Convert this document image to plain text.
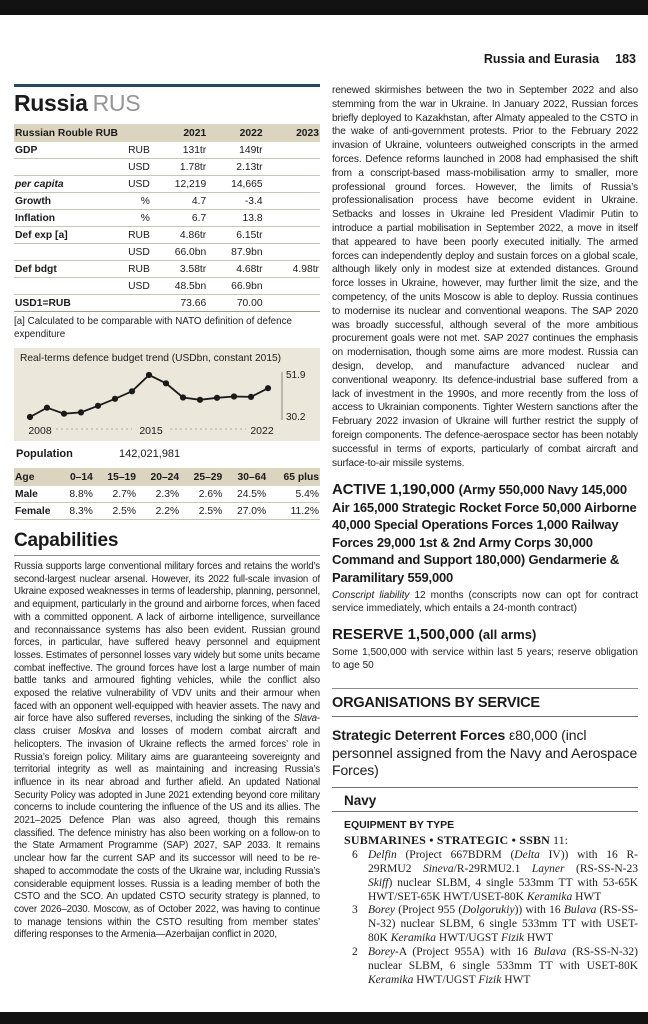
Russia and Eurasia 183
Russia RUS
Russian Rouble RUB		2021	2022	2023
GDP	RUB	131tr	149tr	
	USD	1.78tr	2.13tr	
per capita	USD	12,219	14,665	
Growth	%	4.7	-3.4	
Inflation	%	6.7	13.8	
Def exp [a]	RUB	4.86tr	6.15tr	
	USD	66.0bn	87.9bn	
Def bdgt	RUB	3.58tr	4.68tr	4.98tr
	USD	48.5bn	66.9bn	
USD1=RUB		73.66	70.00	
[a] Calculated to be comparable with NATO definition of defence expenditure
Real-terms defence budget trend (USDbn, constant 2015)
51.9
30.2
2008	2015	2022
Population	142,021,981
Age	0–14	15–19	20–24	25–29	30–64	65 plus
Male	8.8%	2.7%	2.3%	2.6%	24.5%	5.4%
Female	8.3%	2.5%	2.2%	2.5%	27.0%	11.2%
Capabilities

Russia supports large conventional military forces and retains the world’s second-largest nuclear arsenal. However, its 2022 full-scale invasion of Ukraine exposed weaknesses in terms of leadership, planning, personnel, and equipment, particularly in the ground and airborne forces, when faced with a committed opponent. A lack of airborne intelligence, surveillance and reconnaissance systems has also been evident. Russian ground forces, in particular, have suffered heavy personnel and equipment losses. Estimates of personnel losses vary widely but some units became combat ineffective. The ground forces have lost a large number of main battle tanks and armoured fighting vehicles, while the conflict also exposed the relative vulnerability of VDV units and their armour when faced with an opponent well-equipped with heavier assets. The navy and air force have also suffered reverses, including the sinking of the Slava-class cruiser Moskva and losses of modern combat aircraft and helicopters. The invasion of Ukraine reflects the armed forces’ role in Russia’s foreign policy. Military aims are guaranteeing sovereignty and territorial integrity as well as maintaining and increasing Russia’s influence in its near abroad and further afield. An updated National Security Policy was adopted in June 2021 extending beyond core military concerns to include countering the influence of the US and its allies. The 2021–2025 Defence Plan was also agreed, though this remains classified. The defence ministry has also been working on a follow-on to the State Armament Programme (SAP) 2027, SAP 2033. It remains unclear how far the current SAP and its successor will need to be re-shaped to accommodate the costs of the Ukraine war, including Russia’s considerable equipment losses. Russia is a leading member of both the CSTO and the SCO. An updated CSTO security strategy is planned, to cover 2026–2030. Moscow, as of October 2022, was having to continue to manage tensions within the CSTO resulting from member states’ differing responses to the Armenia—Azerbaijan conflict in 2020,

renewed skirmishes between the two in September 2022 and also stemming from the war in Ukraine. In January 2022, Russian forces briefly deployed to Kazakhstan, after Almaty appealed to the CSTO in the wake of anti-government protests. Prior to the February 2022 invasion of Ukraine, volunteers outweighed conscripts in the armed forces. Defence reforms launched in 2008 had emphasised the shift from a conscript-based mass-mobilisation army to smaller, more professional ground forces. However, the limits of Russia’s professionalisation process have become evident in Ukraine. Setbacks and losses in Ukraine led President Vladimir Putin to introduce a partial mobilisation in September 2022, a move in itself that appeared to have been poorly executed initially. The armed forces can independently deploy and sustain forces on a global scale, although likely only in modest size at extended distances. Ground force losses in Ukraine, however, may further limit the size, and the competency, of the units Moscow is able to deploy. Russia continues to modernise its nuclear and conventional weapons. The SAP 2020 was broadly successful, although several of the more ambitious procurement goals were not met. SAP 2027 continues the emphasis on modernisation, though some aims are more modest. Russia can design, develop, and manufacture advanced nuclear and conventional weaponry. Its defence-industrial base suffered from a lack of investment in the 1990s, and more recently from the loss of access to Ukrainian components. Tighter Western sanctions after the February 2022 invasion of Ukraine will further restrict the supply of foreign components. The defence-aerospace sector has been notably successful in terms of exports, particularly of combat aircraft and surface-to-air missile systems.

ACTIVE 1,190,000 (Army 550,000 Navy 145,000 Air 165,000 Strategic Rocket Force 50,000 Airborne 40,000 Special Operations Forces 1,000 Railway Forces 29,000 1st & 2nd Army Corps 30,000 Command and Support 180,000) Gendarmerie & Paramilitary 559,000

Conscript liability 12 months (conscripts now can opt for contract service immediately, which entails a 24-month contract)

RESERVE 1,500,000 (all arms)

Some 1,500,000 with service within last 5 years; reserve obligation to age 50

ORGANISATIONS BY SERVICE
Strategic Deterrent Forces ε80,000 (incl personnel assigned from the Navy and Aerospace Forces)
Navy
EQUIPMENT BY TYPE
SUBMARINES • STRATEGIC • SSBN 11:
6 Delfin (Project 667BDRM (Delta IV)) with 16 R-29RMU2 Sineva/R-29RMU2.1 Layner (RS-SS-N-23 Skiff) nuclear SLBM, 4 single 533mm TT with 53-65K HWT/SET-65K HWT/USET-80K Keramika HWT
3 Borey (Project 955 (Dolgorukiy)) with 16 Bulava (RS-SS-N-32) nuclear SLBM, 6 single 533mm TT with USET-80K Keramika HWT/UGST Fizik HWT
2 Borey-A (Project 955A) with 16 Bulava (RS-SS-N-32) nuclear SLBM, 6 single 533mm TT with USET-80K Keramika HWT/UGST Fizik HWT
